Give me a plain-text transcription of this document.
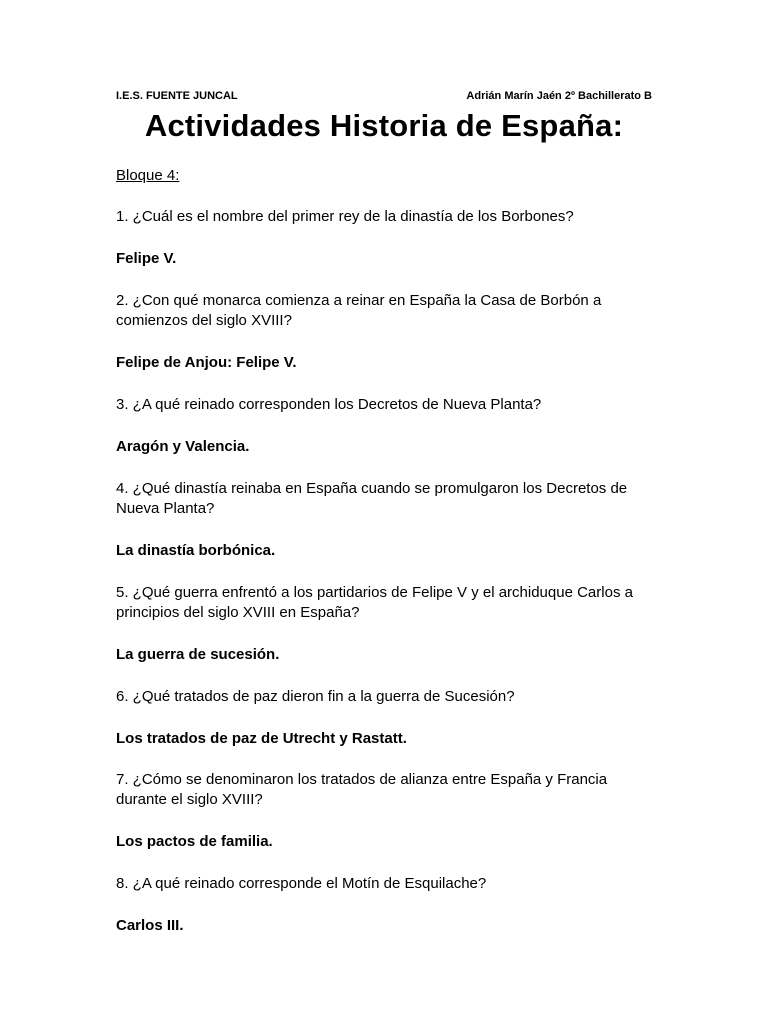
I.E.S. FUENTE JUNCAL	Adrián Marín Jaén 2º Bachillerato B
Actividades Historia de España:
Bloque 4:
1. ¿Cuál es el nombre del primer rey de la dinastía de los Borbones?
Felipe V.
2. ¿Con qué monarca comienza a reinar en España la Casa de Borbón a comienzos del siglo XVIII?
Felipe de Anjou: Felipe V.
3. ¿A qué reinado corresponden los Decretos de Nueva Planta?
Aragón y Valencia.
4. ¿Qué dinastía reinaba en España cuando se promulgaron los Decretos de Nueva Planta?
La dinastía borbónica.
5. ¿Qué guerra enfrentó a los partidarios de Felipe V y el archiduque Carlos a principios del siglo XVIII en España?
La guerra de sucesión.
6. ¿Qué tratados de paz dieron fin a la guerra de Sucesión?
Los tratados de paz de Utrecht y Rastatt.
7. ¿Cómo se denominaron los tratados de alianza entre España y Francia durante el siglo XVIII?
Los pactos de familia.
8. ¿A qué reinado corresponde el Motín de Esquilache?
Carlos III.
